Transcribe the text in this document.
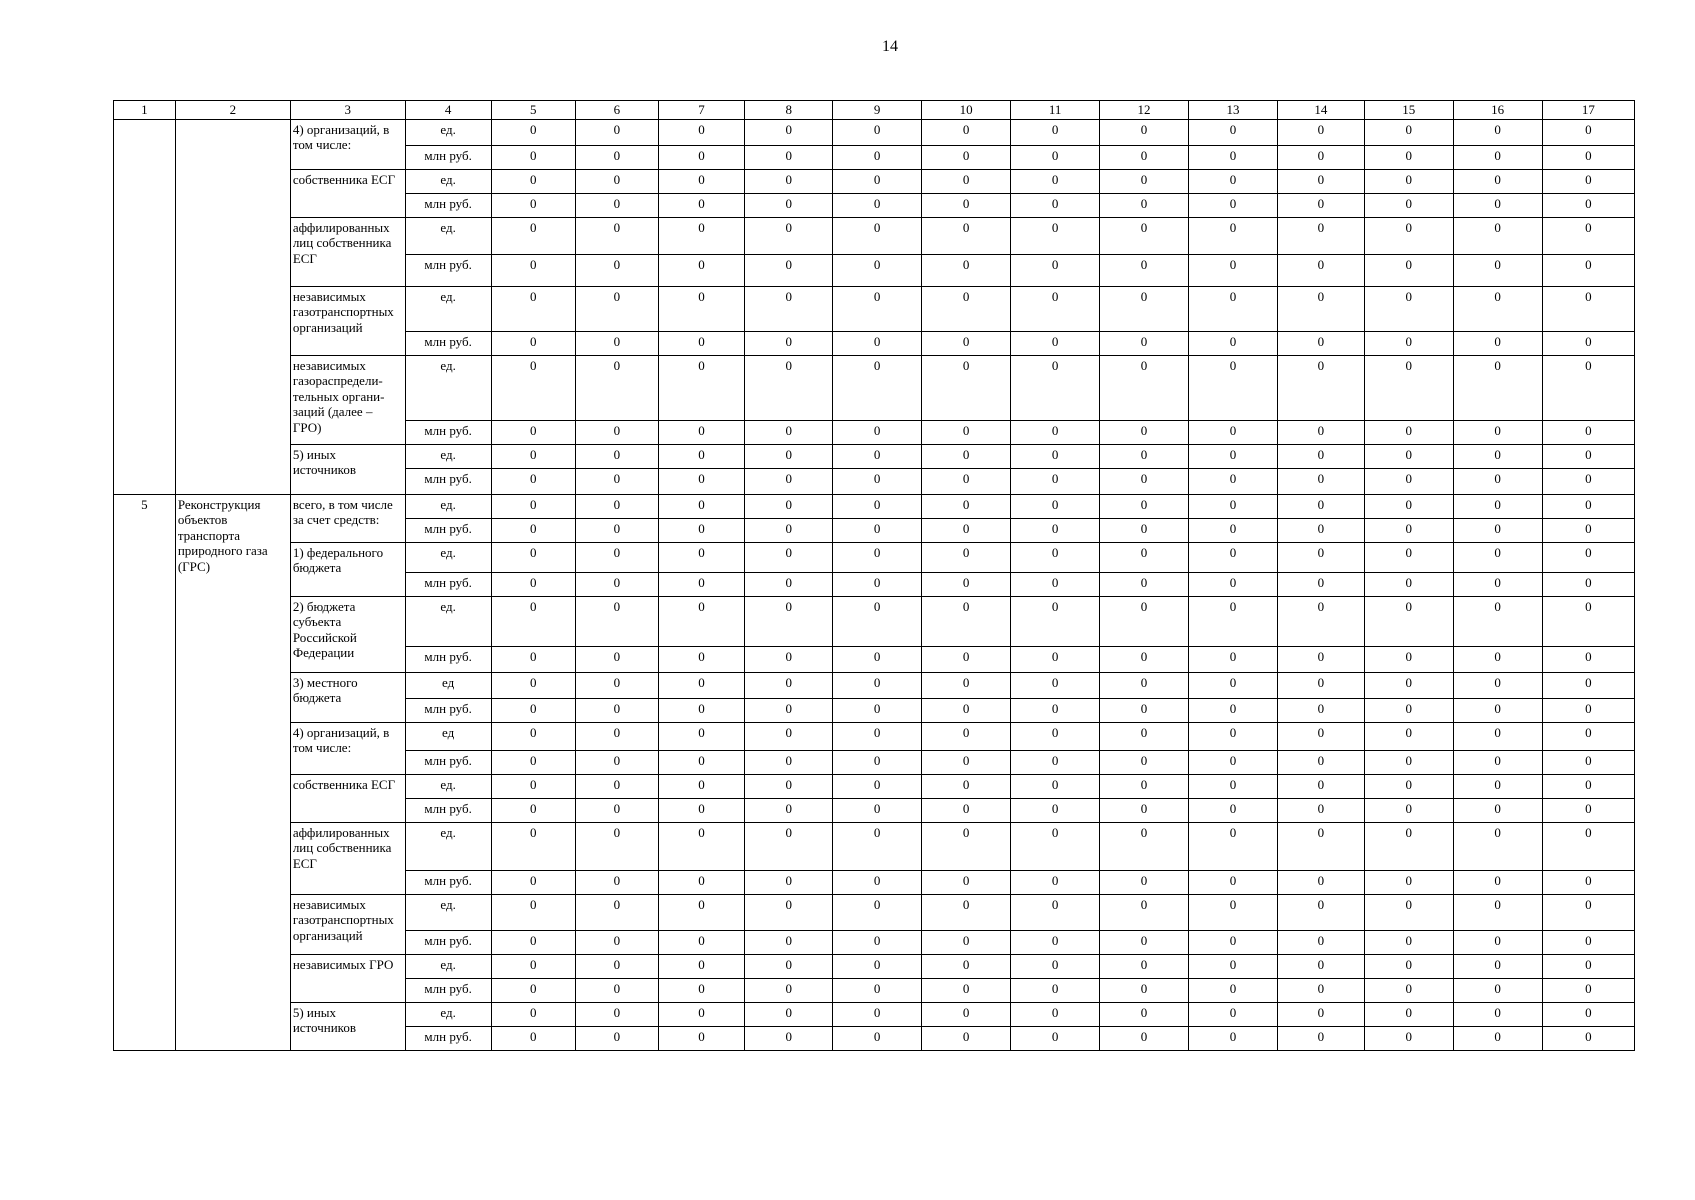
14
1	2	3	4	5	6	7	8	9	10	11	12	13	14	15	16	17
		4) организаций, в том числе:	ед.	0	0	0	0	0	0	0	0	0	0	0	0	0
			млн руб.	0	0	0	0	0	0	0	0	0	0	0	0	0
		собственника ЕСГ	ед.	0	0	0	0	0	0	0	0	0	0	0	0	0
			млн руб.	0	0	0	0	0	0	0	0	0	0	0	0	0
		аффилированных лиц собственника ЕСГ	ед.	0	0	0	0	0	0	0	0	0	0	0	0	0
			млн руб.	0	0	0	0	0	0	0	0	0	0	0	0	0
		независимых газотранспортных организаций	ед.	0	0	0	0	0	0	0	0	0	0	0	0	0
			млн руб.	0	0	0	0	0	0	0	0	0	0	0	0	0
		независимых газораспредели-тельных органи-заций (далее – ГРО)	ед.	0	0	0	0	0	0	0	0	0	0	0	0	0
			млн руб.	0	0	0	0	0	0	0	0	0	0	0	0	0
		5) иных источников	ед.	0	0	0	0	0	0	0	0	0	0	0	0	0
			млн руб.	0	0	0	0	0	0	0	0	0	0	0	0	0
5	Реконструкция объектов транспорта природного газа (ГРС)	всего, в том числе за счет средств:	ед.	0	0	0	0	0	0	0	0	0	0	0	0	0
			млн руб.	0	0	0	0	0	0	0	0	0	0	0	0	0
		1) федерального бюджета	ед.	0	0	0	0	0	0	0	0	0	0	0	0	0
			млн руб.	0	0	0	0	0	0	0	0	0	0	0	0	0
		2) бюджета субъекта Российской Федерации	ед.	0	0	0	0	0	0	0	0	0	0	0	0	0
			млн руб.	0	0	0	0	0	0	0	0	0	0	0	0	0
		3) местного бюджета	ед	0	0	0	0	0	0	0	0	0	0	0	0	0
			млн руб.	0	0	0	0	0	0	0	0	0	0	0	0	0
		4) организаций, в том числе:	ед	0	0	0	0	0	0	0	0	0	0	0	0	0
			млн руб.	0	0	0	0	0	0	0	0	0	0	0	0	0
		собственника ЕСГ	ед.	0	0	0	0	0	0	0	0	0	0	0	0	0
			млн руб.	0	0	0	0	0	0	0	0	0	0	0	0	0
		аффилированных лиц собственника ЕСГ	ед.	0	0	0	0	0	0	0	0	0	0	0	0	0
			млн руб.	0	0	0	0	0	0	0	0	0	0	0	0	0
		независимых газотранспортных организаций	ед.	0	0	0	0	0	0	0	0	0	0	0	0	0
			млн руб.	0	0	0	0	0	0	0	0	0	0	0	0	0
		независимых ГРО	ед.	0	0	0	0	0	0	0	0	0	0	0	0	0
			млн руб.	0	0	0	0	0	0	0	0	0	0	0	0	0
		5) иных источников	ед.	0	0	0	0	0	0	0	0	0	0	0	0	0
			млн руб.	0	0	0	0	0	0	0	0	0	0	0	0	0
